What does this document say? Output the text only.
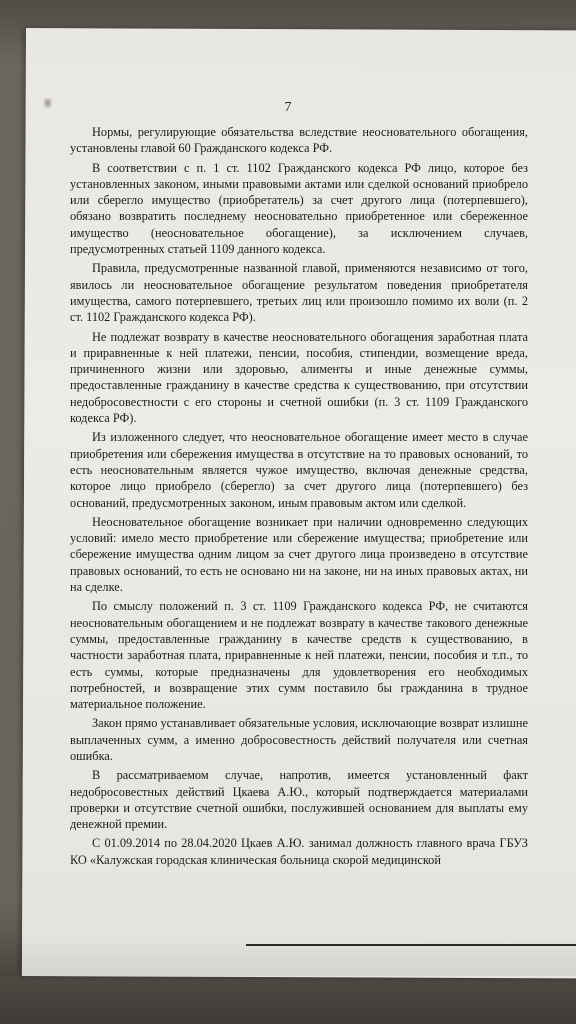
7

Нормы, регулирующие обязательства вследствие неосновательного обогащения, установлены главой 60 Гражданского кодекса РФ.

В соответствии с п. 1 ст. 1102 Гражданского кодекса РФ лицо, которое без установленных законом, иными правовыми актами или сделкой оснований приобрело или сберегло имущество (приобретатель) за счет другого лица (потерпевшего), обязано возвратить последнему неосновательно приобретенное или сбереженное имущество (неосновательное обогащение), за исключением случаев, предусмотренных статьей 1109 данного кодекса.

Правила, предусмотренные названной главой, применяются независимо от того, явилось ли неосновательное обогащение результатом поведения приобретателя имущества, самого потерпевшего, третьих лиц или произошло помимо их воли (п. 2 ст. 1102 Гражданского кодекса РФ).

Не подлежат возврату в качестве неосновательного обогащения заработная плата и приравненные к ней платежи, пенсии, пособия, стипендии, возмещение вреда, причиненного жизни или здоровью, алименты и иные денежные суммы, предоставленные гражданину в качестве средства к существованию, при отсутствии недобросовестности с его стороны и счетной ошибки (п. 3 ст. 1109 Гражданского кодекса РФ).

Из изложенного следует, что неосновательное обогащение имеет место в случае приобретения или сбережения имущества в отсутствие на то правовых оснований, то есть неосновательным является чужое имущество, включая денежные средства, которое лицо приобрело (сберегло) за счет другого лица (потерпевшего) без оснований, предусмотренных законом, иным правовым актом или сделкой.

Неосновательное обогащение возникает при наличии одновременно следующих условий: имело место приобретение или сбережение имущества; приобретение или сбережение имущества одним лицом за счет другого лица произведено в отсутствие правовых оснований, то есть не основано ни на законе, ни на иных правовых актах, ни на сделке.

По смыслу положений п. 3 ст. 1109 Гражданского кодекса РФ, не считаются неосновательным обогащением и не подлежат возврату в качестве такового денежные суммы, предоставленные гражданину в качестве средств к существованию, в частности заработная плата, приравненные к ней платежи, пенсии, пособия и т.п., то есть суммы, которые предназначены для удовлетворения его необходимых потребностей, и возвращение этих сумм поставило бы гражданина в трудное материальное положение.

Закон прямо устанавливает обязательные условия, исключающие возврат излишне выплаченных сумм, а именно добросовестность действий получателя или счетная ошибка.

В рассматриваемом случае, напротив, имеется установленный факт недобросовестных действий Цкаева А.Ю., который подтверждается материалами проверки и отсутствие счетной ошибки, послужившей основанием для выплаты ему денежной премии.

С 01.09.2014 по 28.04.2020 Цкаев А.Ю. занимал должность главного врача ГБУЗ КО «Калужская городская клиническая больница скорой медицинской
